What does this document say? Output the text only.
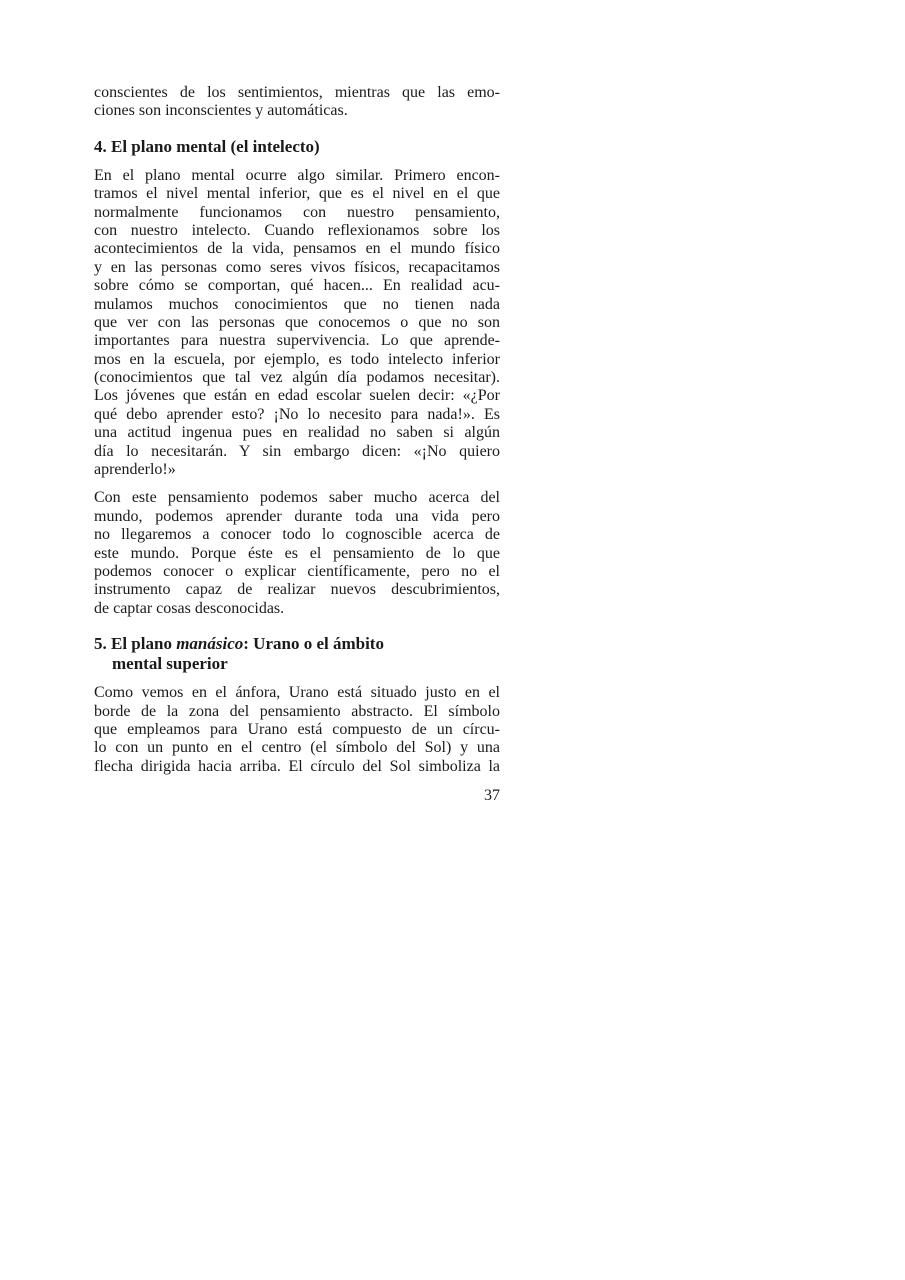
conscientes de los sentimientos, mientras que las emo-
ciones son inconscientes y automáticas.
4. El plano mental (el intelecto)
En el plano mental ocurre algo similar. Primero encon-
tramos el nivel mental inferior, que es el nivel en el que
normalmente funcionamos con nuestro pensamiento,
con nuestro intelecto. Cuando reflexionamos sobre los
acontecimientos de la vida, pensamos en el mundo físico
y en las personas como seres vivos físicos, recapacitamos
sobre cómo se comportan, qué hacen... En realidad acu-
mulamos muchos conocimientos que no tienen nada
que ver con las personas que conocemos o que no son
importantes para nuestra supervivencia. Lo que aprende-
mos en la escuela, por ejemplo, es todo intelecto inferior
(conocimientos que tal vez algún día podamos necesitar).
Los jóvenes que están en edad escolar suelen decir: «¿Por
qué debo aprender esto? ¡No lo necesito para nada!». Es
una actitud ingenua pues en realidad no saben si algún
día lo necesitarán. Y sin embargo dicen: «¡No quiero
aprenderlo!»
Con este pensamiento podemos saber mucho acerca del
mundo, podemos aprender durante toda una vida pero
no llegaremos a conocer todo lo cognoscible acerca de
este mundo. Porque éste es el pensamiento de lo que
podemos conocer o explicar científicamente, pero no el
instrumento capaz de realizar nuevos descubrimientos,
de captar cosas desconocidas.
5. El plano manásico: Urano o el ámbito
mental superior
Como vemos en el ánfora, Urano está situado justo en el
borde de la zona del pensamiento abstracto. El símbolo
que empleamos para Urano está compuesto de un círcu-
lo con un punto en el centro (el símbolo del Sol) y una
flecha dirigida hacia arriba. El círculo del Sol simboliza la
37
